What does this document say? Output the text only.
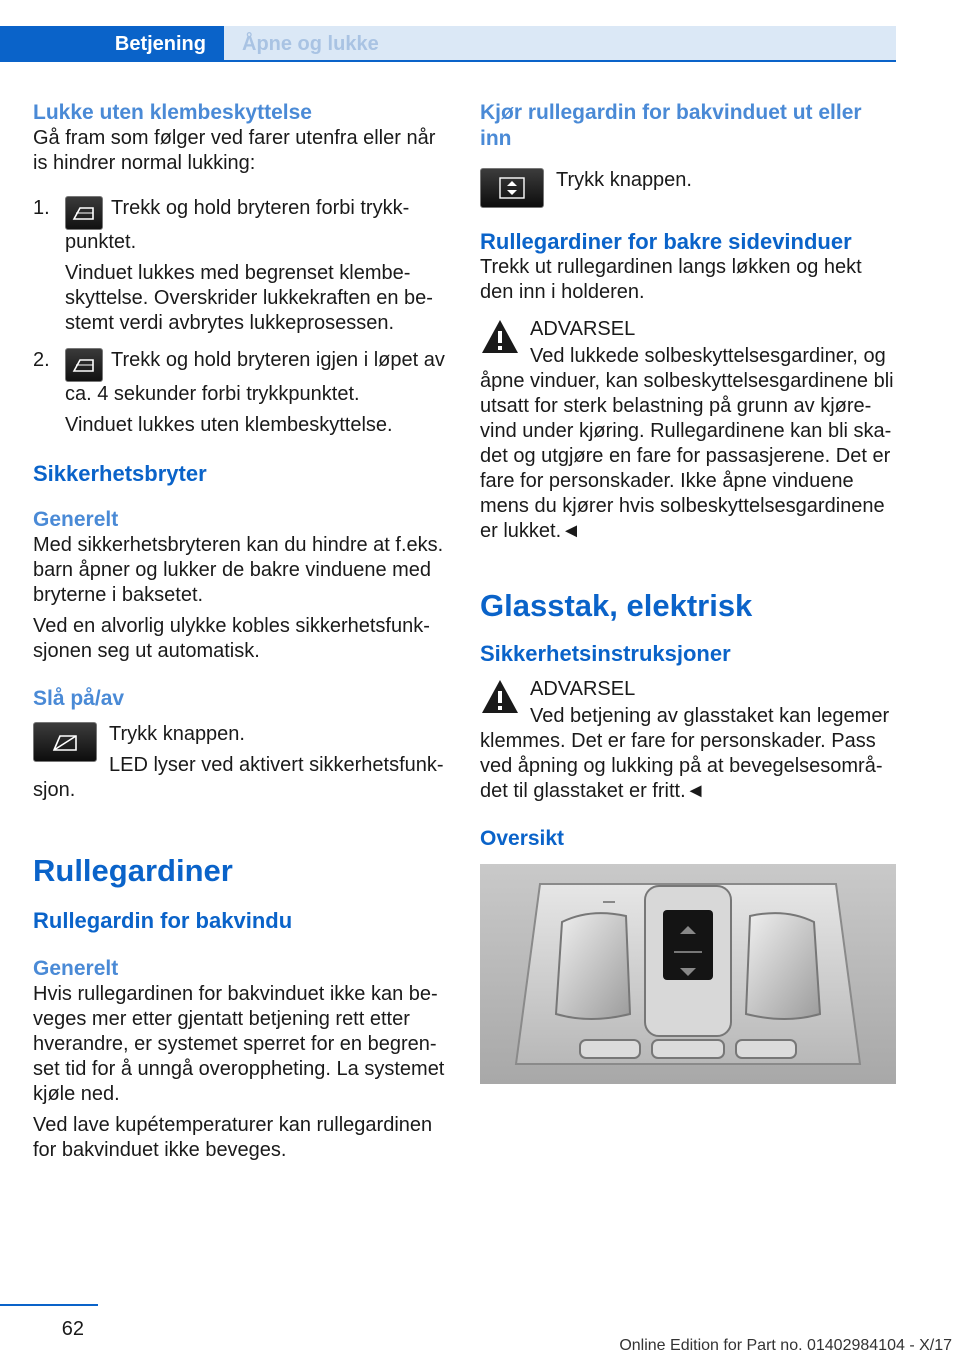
Betjening	Åpne og lukke
Lukke uten klembeskyttelse

Gå fram som følger ved farer utenfra eller når is hindrer normal lukking:

1.	Trekk og hold bryteren forbi trykk-punktet.

Vinduet lukkes med begrenset klembe-skyttelse. Overskrider lukkekraften en be-stemt verdi avbrytes lukkeprosessen.

2.	Trekk og hold bryteren igjen i løpet av ca. 4 sekunder forbi trykkpunktet.

Vinduet lukkes uten klembeskyttelse.

Sikkerhetsbryter
Generelt

Med sikkerhetsbryteren kan du hindre at f.eks. barn åpner og lukker de bakre vinduene med bryterne i baksetet.

Ved en alvorlig ulykke kobles sikkerhetsfunk-sjonen seg ut automatisk.

Slå på/av

Trykk knappen.

LED lyser ved aktivert sikkerhetsfunk-sjon.

Rullegardiner
Rullegardin for bakvindu
Generelt

Hvis rullegardinen for bakvinduet ikke kan be-veges mer etter gjentatt betjening rett etter hverandre, er systemet sperret for en begren-set tid for å unngå overoppheting. La systemet kjøle ned.

Ved lave kupétemperaturer kan rullegardinen for bakvinduet ikke beveges.

Kjør rullegardin for bakvinduet ut eller inn

Trykk knappen.

Rullegardiner for bakre sidevinduer

Trekk ut rullegardinen langs løkken og hekt den inn i holderen.

ADVARSEL

Ved lukkede solbeskyttelsesgardiner, og åpne vinduer, kan solbeskyttelsesgardinene bli utsatt for sterk belastning på grunn av kjøre-vind under kjøring. Rullegardinene kan bli ska-det og utgjøre en fare for passasjerene. Det er fare for personskader. Ikke åpne vinduene mens du kjører hvis solbeskyttelsesgardinene er lukket.◄

Glasstak, elektrisk
Sikkerhetsinstruksjoner

ADVARSEL

Ved betjening av glasstaket kan legemer klemmes. Det er fare for personskader. Pass ved åpning og lukking på at bevegelsesområ-det til glasstaket er fritt.◄

Oversikt
62
Online Edition for Part no. 01402984104 - X/17
